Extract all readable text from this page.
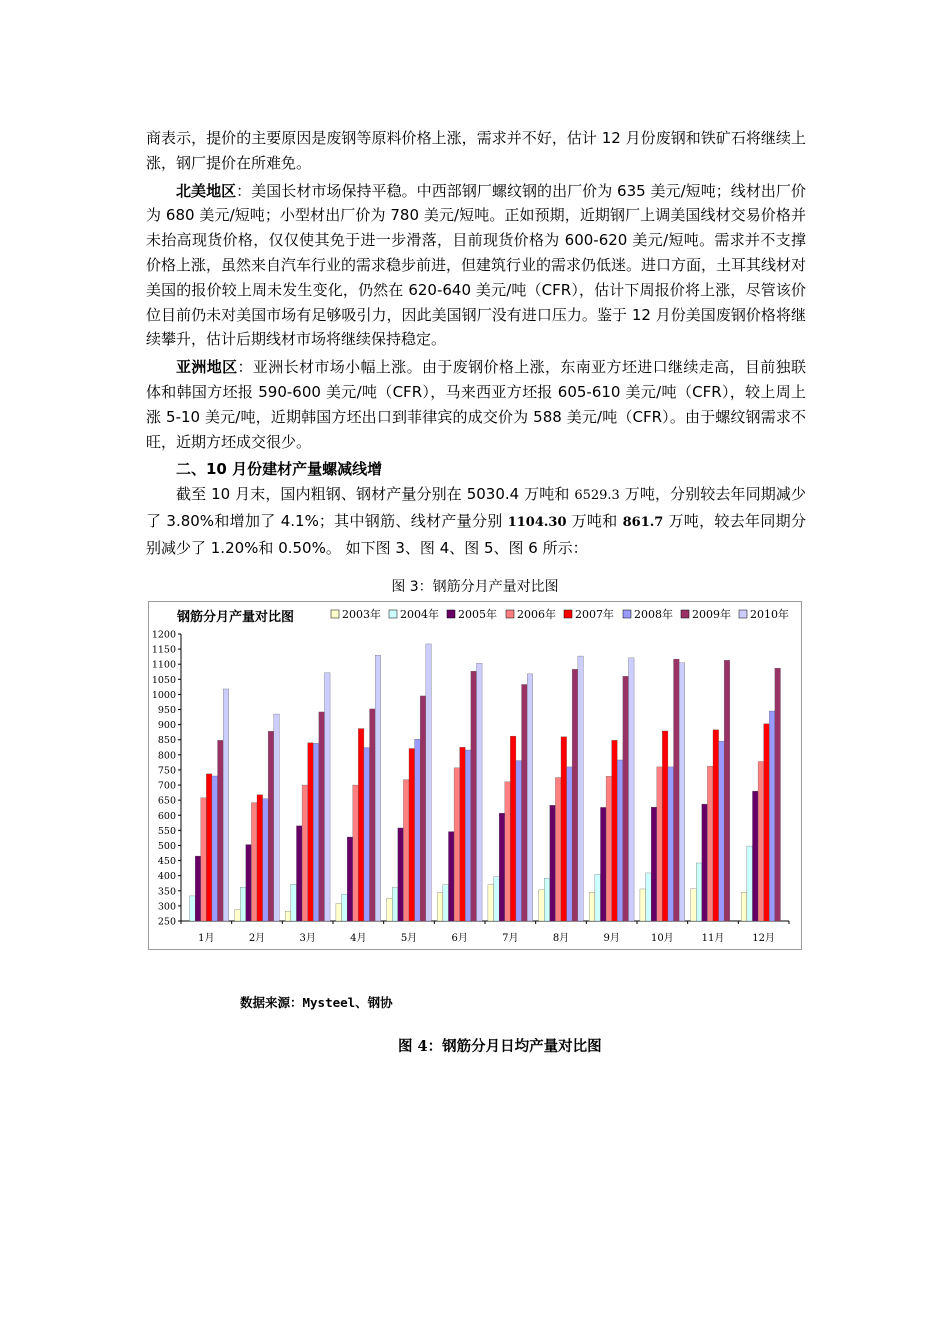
商表示，提价的主要原因是废钢等原料价格上涨，需求并不好，估计 12 月份废钢和铁矿石将继续上涨，钢厂提价在所难免。

北美地区：美国长材市场保持平稳。中西部钢厂螺纹钢的出厂价为 635 美元/短吨；线材出厂价为 680 美元/短吨；小型材出厂价为 780 美元/短吨。正如预期，近期钢厂上调美国线材交易价格并未抬高现货价格，仅仅使其免于进一步滑落，目前现货价格为 600-620 美元/短吨。需求并不支撑价格上涨，虽然来自汽车行业的需求稳步前进，但建筑行业的需求仍低迷。进口方面，土耳其线材对美国的报价较上周未发生变化，仍然在 620-640 美元/吨（CFR），估计下周报价将上涨，尽管该价位目前仍未对美国市场有足够吸引力，因此美国钢厂没有进口压力。鉴于 12 月份美国废钢价格将继续攀升，估计后期线材市场将继续保持稳定。

亚洲地区：亚洲长材市场小幅上涨。由于废钢价格上涨，东南亚方坯进口继续走高，目前独联体和韩国方坯报 590-600 美元/吨（CFR），马来西亚方坯报 605-610 美元/吨（CFR），较上周上涨 5-10 美元/吨，近期韩国方坯出口到菲律宾的成交价为 588 美元/吨（CFR）。由于螺纹钢需求不旺，近期方坯成交很少。

二、10 月份建材产量螺减线增

截至 10 月末，国内粗钢、钢材产量分别在 5030.4 万吨和 6529.3 万吨，分别较去年同期减少了 3.80%和增加了 4.1%；其中钢筋、线材产量分别 1104.30 万吨和 861.7 万吨，较去年同期分别减少了 1.20%和 0.50%。 如下图 3、图 4、图 5、图 6 所示：

图 3：钢筋分月产量对比图
钢筋分月产量对比图	2003年 2004年 2005年 2006年 2007年 2008年 2009年 2010年
250
300
350
400
450
500
550
600
650
700
750
800
850
900
950
1000
1050
1100
1150
1200
1月	2月	3月	4月	5月	6月	7月	8月	9月	10月	11月	12月
数据来源：Mysteel、钢协
图 4：钢筋分月日均产量对比图
